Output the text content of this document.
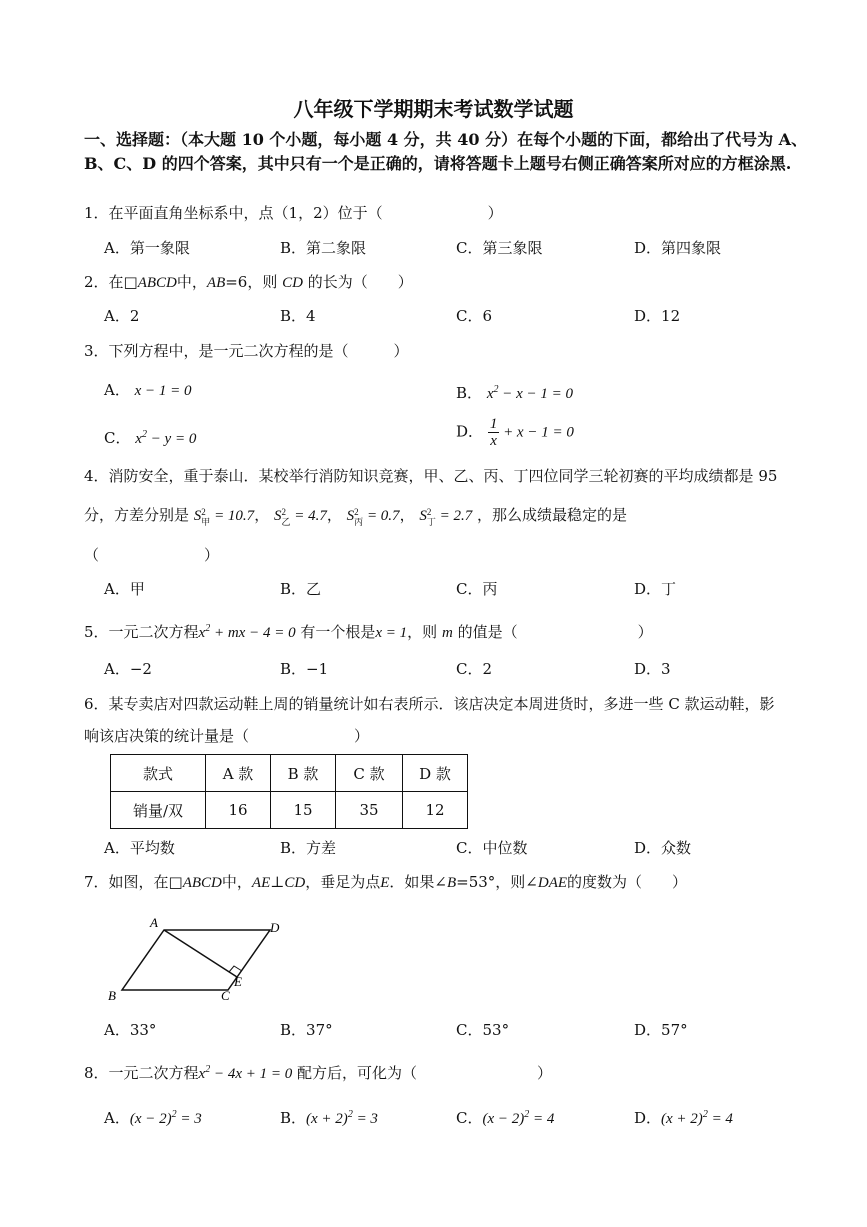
八年级下学期期末考试数学试题
一、选择题：（本大题 10 个小题，每小题 4 分，共 40 分）在每个小题的下面，都给出了代号为 A、B、C、D 的四个答案，其中只有一个是正确的，请将答题卡上题号右侧正确答案所对应的方框涂黑.
1．在平面直角坐标系中，点（1，2）位于（　　　　　　　）
A．第一象限	B．第二象限	C．第三象限	D．第四象限
2．在□ABCD中，AB=6，则 CD 的长为（　　）
A．2	B．4	C．6	D．12
3．下列方程中，是一元二次方程的是（　　　）
A． x − 1 = 0	B． $x^2 - x - 1 = 0$
C． $x^2 - y = 0$	D． $\frac{1}{x} + x - 1 = 0$
4．消防安全，重于泰山．某校举行消防知识竞赛，甲、乙、丙、丁四位同学三轮初赛的平均成绩都是 95
分，方差分别是 S 2
甲 = 10.7， S 2
乙 = 4.7， S 2
丙 = 0.7， S 2
丁 = 2.7 ，那么成绩最稳定的是
（　　　　　　　）
A．甲	B．乙	C．丙	D．丁
5．一元二次方程$x^2$ + mx − 4 = 0 有一个根是x = 1，则 m 的值是（　　　　　　　　）
A．−2	B．−1	C．2	D．3
6．某专卖店对四款运动鞋上周的销量统计如右表所示．该店决定本周进货时，多进一些 C 款运动鞋，影
响该店决策的统计量是（　　　　　　　）
款式	A 款	B 款	C 款	D 款
销量/双	16	15	35	12
A．平均数	B．方差	C．中位数	D．众数
7．如图，在□ABCD中，AE⊥CD，垂足为点E．如果∠B=53°，则∠DAE的度数为（　　）
A	D
B	C
E
A．33°	B．37°	C．53°	D．57°
8．一元二次方程$x^2 - 4x + 1 = 0$ 配方后，可化为（　　　　　　　　）
A．$(x - 2)^2 = 3$	B．$(x + 2)^2 = 3$	C．$(x - 2)^2 = 4$	D．$(x + 2)^2 = 4$
